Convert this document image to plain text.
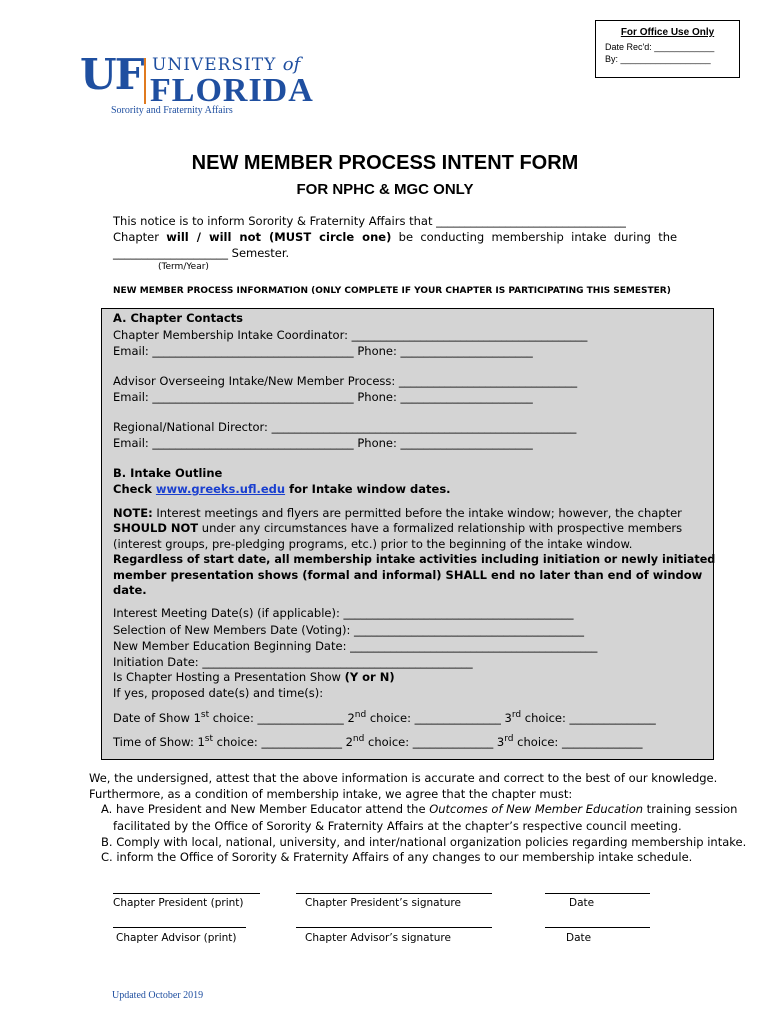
For Office Use Only
Date Rec'd: ____________
By: __________________
UF UNIVERSITY of
FLORIDA
Sorority and Fraternity Affairs
NEW MEMBER PROCESS INTENT FORM
FOR NPHC & MGC ONLY
This notice is to inform Sorority & Fraternity Affairs that _________________________________
Chapter will  /  will  not  (MUST  circle  one) be  conducting  membership  intake  during  the
____________________ Semester.
(Term/Year)
NEW MEMBER PROCESS INFORMATION (ONLY COMPLETE IF YOUR CHAPTER IS PARTICIPATING THIS SEMESTER)
A. Chapter Contacts
Chapter Membership Intake Coordinator: _________________________________________
Email: ___________________________________ Phone: _______________________
Advisor Overseeing Intake/New Member Process: _______________________________
Email: ___________________________________ Phone: _______________________
Regional/National Director: _____________________________________________________
Email: ___________________________________ Phone: _______________________
B. Intake Outline
Check www.greeks.ufl.edu for Intake window dates.
NOTE: Interest meetings and flyers are permitted before the intake window; however, the chapter
SHOULD NOT under any circumstances have a formalized relationship with prospective members
(interest groups, pre-pledging programs, etc.) prior to the beginning of the intake window.
Regardless of start date, all membership intake activities including initiation or newly initiated
member presentation shows (formal and informal) SHALL end no later than end of window
date.
Interest Meeting Date(s) (if applicable): ________________________________________
Selection of New Members Date (Voting): ________________________________________
New Member Education Beginning Date: ___________________________________________
Initiation Date: _______________________________________________
Is Chapter Hosting a Presentation Show (Y or N)
If yes, proposed date(s) and time(s):
Date of Show 1st choice: _______________ 2nd choice: _______________ 3rd choice: _______________
Time of Show: 1st choice: ______________ 2nd choice: ______________ 3rd choice: ______________
We, the undersigned, attest that the above information is accurate and correct to the best of our knowledge.
Furthermore, as a condition of membership intake, we agree that the chapter must:
A. have President and New Member Educator attend the Outcomes of New Member Education training session
facilitated by the Office of Sorority & Fraternity Affairs at the chapter’s respective council meeting.
B. Comply with local, national, university, and inter/national organization policies regarding membership intake.
C. inform the Office of Sorority & Fraternity Affairs of any changes to our membership intake schedule.
Chapter President (print)	Chapter President’s signature	Date
Chapter Advisor (print)	Chapter Advisor’s signature	Date
Updated October 2019
